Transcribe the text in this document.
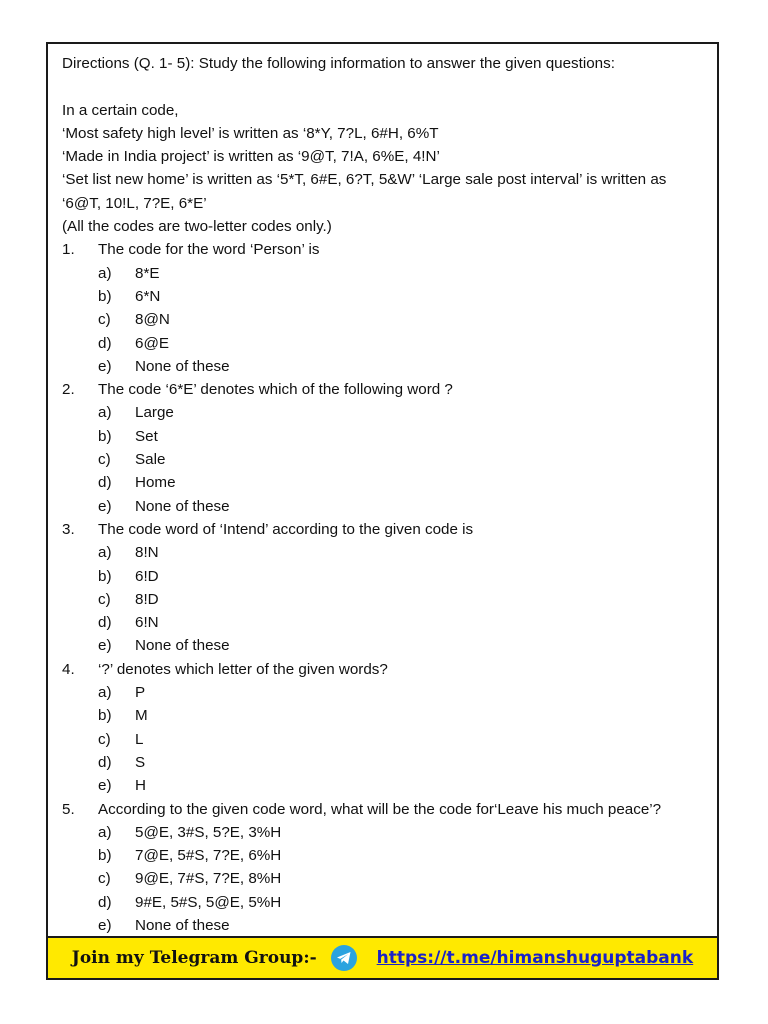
Directions (Q. 1- 5): Study the following information to answer the given questions:
In a certain code,
‘Most safety high level’ is written as ‘8*Y, 7?L, 6#H, 6%T
‘Made in India project’ is written as ‘9@T, 7!A, 6%E, 4!N’
‘Set list new home’ is written as ‘5*T, 6#E, 6?T, 5&W’ ‘Large sale post interval’ is written as ‘6@T, 10!L, 7?E, 6*E’
(All the codes are two-letter codes only.)
1.	The code for the word ‘Person’ is
a)	8*E
b)	6*N
c)	8@N
d)	6@E
e)	None of these
2.	The code ‘6*E’ denotes which of the following word ?
a)	Large
b)	Set
c)	Sale
d)	Home
e)	None of these
3.	The code word of ‘Intend’ according to the given code is
a)	8!N
b)	6!D
c)	8!D
d)	6!N
e)	None of these
4.	‘?’ denotes which letter of the given words?
a)	P
b)	M
c)	L
d)	S
e)	H
5.	According to the given code word, what will be the code for‘Leave his much peace’?
a)	5@E, 3#S, 5?E, 3%H
b)	7@E, 5#S, 7?E, 6%H
c)	9@E, 7#S, 7?E, 8%H
d)	9#E, 5#S, 5@E, 5%H
e)	None of these
Join my Telegram Group:-	https://t.me/himanshuguptabank
